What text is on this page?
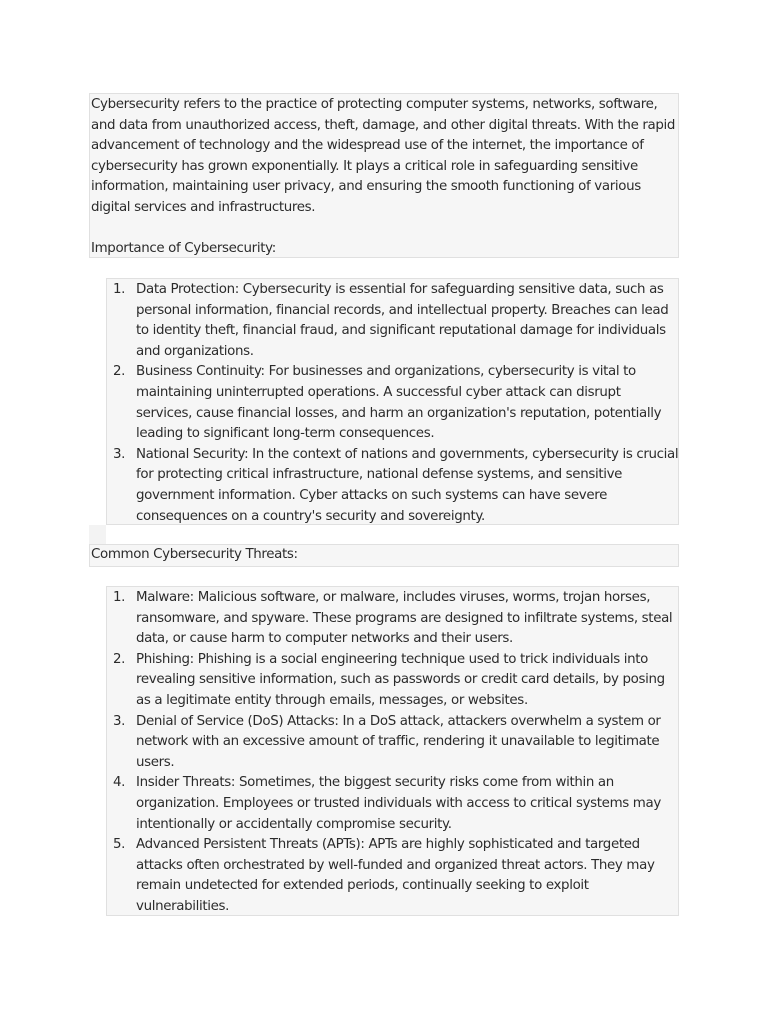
Cybersecurity refers to the practice of protecting computer systems, networks, software, and data from unauthorized access, theft, damage, and other digital threats. With the rapid advancement of technology and the widespread use of the internet, the importance of cybersecurity has grown exponentially. It plays a critical role in safeguarding sensitive information, maintaining user privacy, and ensuring the smooth functioning of various digital services and infrastructures.

Importance of Cybersecurity:

1. Data Protection: Cybersecurity is essential for safeguarding sensitive data, such as personal information, financial records, and intellectual property. Breaches can lead to identity theft, financial fraud, and significant reputational damage for individuals and organizations.
2. Business Continuity: For businesses and organizations, cybersecurity is vital to maintaining uninterrupted operations. A successful cyber attack can disrupt services, cause financial losses, and harm an organization's reputation, potentially leading to significant long-term consequences.
3. National Security: In the context of nations and governments, cybersecurity is crucial for protecting critical infrastructure, national defense systems, and sensitive government information. Cyber attacks on such systems can have severe consequences on a country's security and sovereignty.
Common Cybersecurity Threats:
1. Malware: Malicious software, or malware, includes viruses, worms, trojan horses, ransomware, and spyware. These programs are designed to infiltrate systems, steal data, or cause harm to computer networks and their users.
2. Phishing: Phishing is a social engineering technique used to trick individuals into revealing sensitive information, such as passwords or credit card details, by posing as a legitimate entity through emails, messages, or websites.
3. Denial of Service (DoS) Attacks: In a DoS attack, attackers overwhelm a system or network with an excessive amount of traffic, rendering it unavailable to legitimate users.
4. Insider Threats: Sometimes, the biggest security risks come from within an organization. Employees or trusted individuals with access to critical systems may intentionally or accidentally compromise security.
5. Advanced Persistent Threats (APTs): APTs are highly sophisticated and targeted attacks often orchestrated by well-funded and organized threat actors. They may remain undetected for extended periods, continually seeking to exploit vulnerabilities.
